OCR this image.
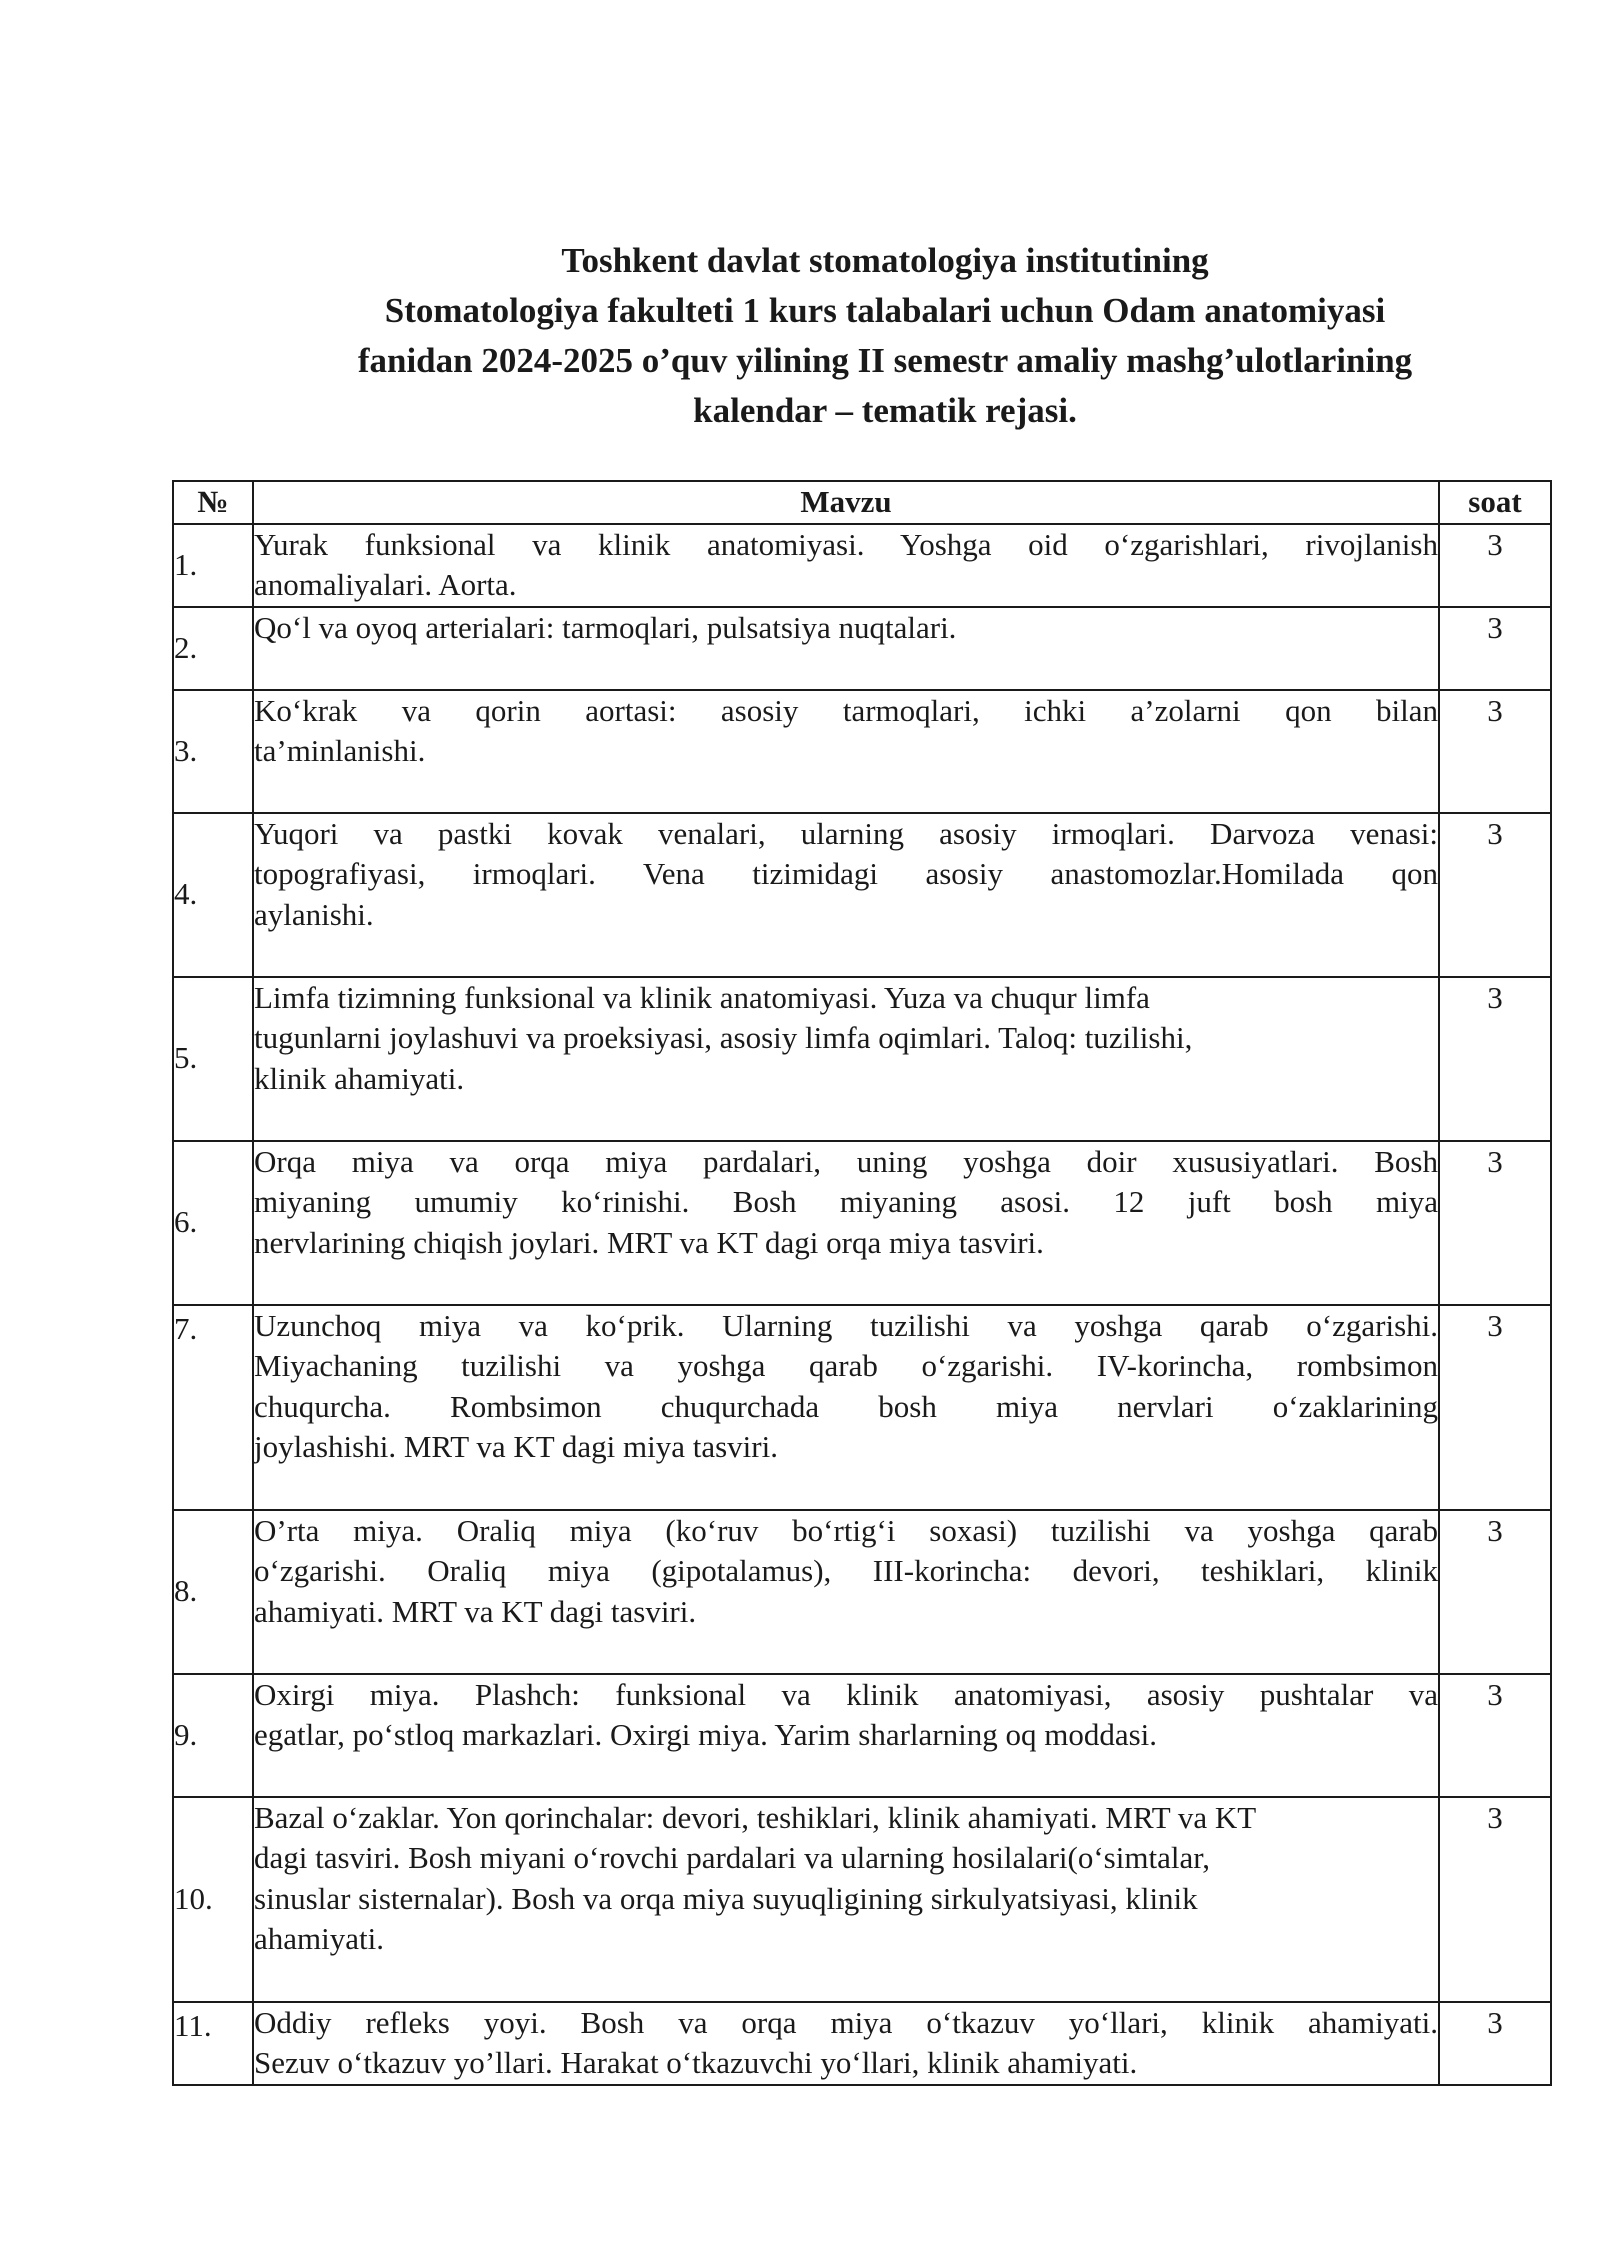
Toshkent davlat stomatologiya institutining
Stomatologiya fakulteti 1 kurs talabalari uchun Odam anatomiyasi
fanidan 2024-2025 o’quv yilining II semestr amaliy mashg’ulotlarining
kalendar – tematik rejasi.
№	Mavzu	soat
1.	Yurak funksional va klinik anatomiyasi. Yoshga oid o‘zgarishlari, rivojlanish
anomaliyalari. Aorta.	3
2.	Qo‘l va oyoq arterialari: tarmoqlari, pulsatsiya nuqtalari.	3
3.	Ko‘krak va qorin aortasi: asosiy tarmoqlari, ichki a’zolarni qon bilan
ta’minlanishi.	3
4.	Yuqori va pastki kovak venalari, ularning asosiy irmoqlari. Darvoza venasi:
topografiyasi, irmoqlari. Vena tizimidagi asosiy anastomozlar.Homilada qon
aylanishi.	3
5.	Limfa tizimning funksional va klinik anatomiyasi. Yuza va chuqur limfa
tugunlarni joylashuvi va proeksiyasi, asosiy limfa oqimlari. Taloq: tuzilishi,
klinik ahamiyati.	3
6.	Orqa miya va orqa miya pardalari, uning yoshga doir xususiyatlari. Bosh
miyaning umumiy ko‘rinishi. Bosh miyaning asosi. 12 juft bosh miya
nervlarining chiqish joylari. MRT va KT dagi orqa miya tasviri.	3
7.	Uzunchoq miya va ko‘prik. Ularning tuzilishi va yoshga qarab o‘zgarishi.
Miyachaning tuzilishi va yoshga qarab o‘zgarishi. IV-korincha, rombsimon
chuqurcha. Rombsimon chuqurchada bosh miya nervlari o‘zaklarining
joylashishi. MRT va KT dagi miya tasviri.	3
8.	O’rta miya. Oraliq miya (ko‘ruv bo‘rtig‘i soxasi) tuzilishi va yoshga qarab
o‘zgarishi. Oraliq miya (gipotalamus), III-korincha: devori, teshiklari, klinik
ahamiyati. MRT va KT dagi tasviri.	3
9.	Oxirgi miya. Plashch: funksional va klinik anatomiyasi, asosiy pushtalar va
egatlar, po‘stloq markazlari. Oxirgi miya. Yarim sharlarning oq moddasi.	3
10.	Bazal o‘zaklar. Yon qorinchalar: devori, teshiklari, klinik ahamiyati. MRT va KT
dagi tasviri. Bosh miyani o‘rovchi pardalari va ularning hosilalari(o‘simtalar,
sinuslar sisternalar). Bosh va orqa miya suyuqligining sirkulyatsiyasi, klinik
ahamiyati.	3
11.	Oddiy refleks yoyi. Bosh va orqa miya o‘tkazuv yo‘llari, klinik ahamiyati.
Sezuv o‘tkazuv yo’llari. Harakat o‘tkazuvchi yo‘llari, klinik ahamiyati.	3
